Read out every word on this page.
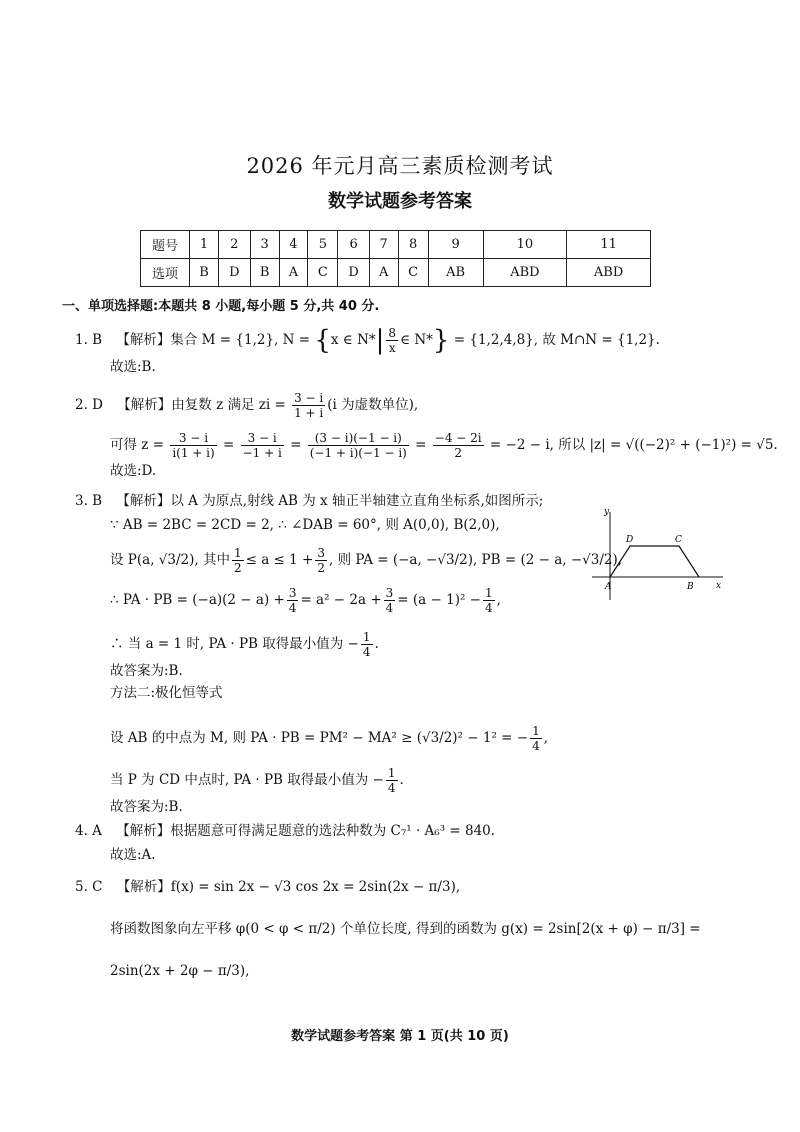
2026 年元月高三素质检测考试
数学试题参考答案
题号	1	2	3	4	5	6	7	8	9	10	11
选项	B	D	B	A	C	D	A	C	AB	ABD	ABD
一、单项选择题:本题共 8 小题,每小题 5 分,共 40 分.
1. B 【解析】集合 M = {1,2}, N = {x ∈ $N*| \frac{8}{x}$ ∈ N*} = {1,2,4,8}, 故 M∩N = {1,2}.
故选:B.
2. D 【解析】由复数 z 满足 zi = $\frac{3 - i}{1 + i} (i$ 为虚数单位),
可得 $z = \frac{3 - i}{i(1 + i)} = \frac{3 - i}{-1 + i} = \frac{(3 - i)(-1 - i)}{(-1 + i)(-1 - i)} = \frac{-4 - 2i}{2} = -2 - i$, 所以 |z| = √((−2)² + (−1)²) = √5.
故选:D.
3. B 【解析】以 A 为原点,射线 AB 为 x 轴正半轴建立直角坐标系,如图所示;
∵ AB = 2BC = 2CD = 2, ∴ ∠DAB = 60°, 则 A(0,0), B(2,0),
设 P(a, √3/2), 其中 $\frac{1}{2} \le a \le 1 + \frac{3}{2}$ , 则 PA = (−a, −√3/2), PB = (2 − a, −√3/2),
∴ PA · PB = $(-a)(2 - a) + \frac{3}{4} = a^2 - 2a + \frac{3}{4} = (a - 1)^2 - \frac{1}{4}$ ,
∴ 当 a = 1 时, PA · PB 取得最小值为 − $\frac{1}{4}$ .
故答案为:B.
方法二:极化恒等式
设 AB 的中点为 M, 则 PA · PB = PM² − MA² ≥ (√3/2)² − 1² = − $\frac{1}{4}$ ,
当 P 为 CD 中点时, PA · PB 取得最小值为 − $\frac{1}{4}$ .
故答案为:B.
y
x
A	B
C
D
4. A 【解析】根据题意可得满足题意的选法种数为 C₇¹ · A₆³ = 840.
故选:A.
5. C 【解析】f(x) = sin 2x − √3 cos 2x = 2sin(2x − π/3),
将函数图象向左平移 φ(0 < φ < π/2) 个单位长度, 得到的函数为 g(x) = 2sin[2(x + φ) − π/3] =
2sin(2x + 2φ − π/3),
数学试题参考答案 第 1 页(共 10 页)
